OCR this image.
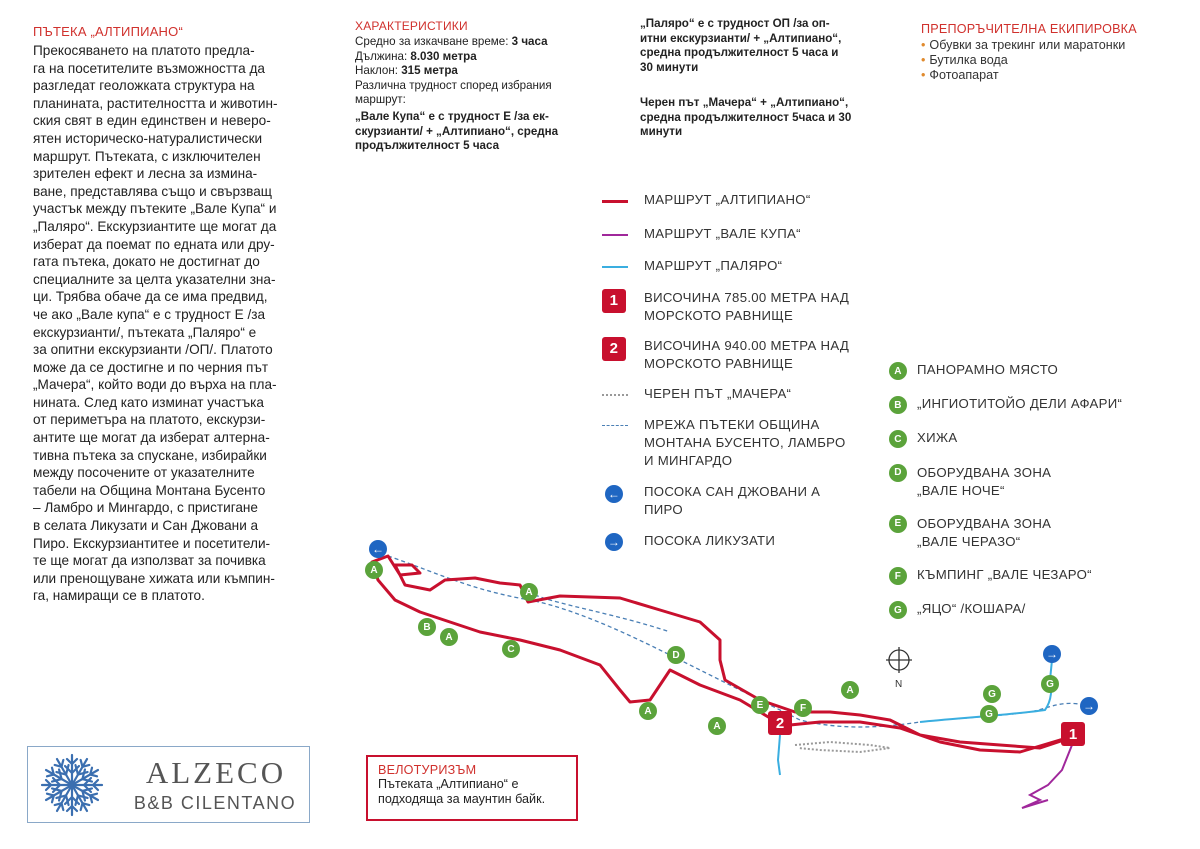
ПЪТЕКА „АЛТИПИАНО“
Прекосяването на платото предла-
га на посетителите възможността да
разгледат геоложката структура на
планината, растителността и животин-
ския свят в един единствен и неверо-
ятен историческо-натуралистически
маршрут. Пътеката, с изключителен
зрителен ефект и лесна за изминa-
ване, представлява също и свързващ
участък между пътеките „Вале Купа“ и
„Паляро“. Екскурзиантите ще могат да
изберат да поемат по едната или дру-
гата пътека, докато не достигнат до
специалните за целта указателни зна-
ци. Трябва обаче да се има предвид,
че ако „Вале купа“ е с трудност Е /за
екскурзианти/, пътеката „Паляро“ е
за опитни екскурзианти /ОП/. Платото
може да се достигне и по черния път
„Мачера“, който води до върха на пла-
нината. След като изминат участъка
от периметъра на платото, екскурзи-
антите ще могат да изберат алтерна-
тивна пътека за спускане, избирайки
между посочените от указателните
табели на Община Монтана Бусенто
– Ламбро и Мингардо, с пристигане
в селата Ликузати и Сан Джовани а
Пиро. Екскурзиантитее и посетители-
те ще могат да използват за почивка
или пренощуване хижата или къмпин-
га, намиращи се в платото.
ALZECO
B&B CILENTANO
ХАРАКТЕРИСТИКИ
Средно за изкачване време: 3 часа
Дължина: 8.030 метра
Наклон: 315 метра
Различна трудност според избрания
маршрут:
„Вале Купа“ е с трудност Е /за ек-
скурзианти/ + „Алтипиано“, средна
продължителност 5 часа
„Паляро“ е с трудност ОП /за оп-
итни екскурзианти/ + „Алтипиано“,
средна продължителност 5 часа и
30 минути
Черен път „Мачера“ + „Алтипиано“,
средна продължителност 5часа и 30
минути
ПРЕПОРЪЧИТЕЛНА ЕКИПИРОВКА
• Обувки за трекинг или маратонки
• Бутилка вода
• Фотоапарат
МАРШРУТ „АЛТИПИАНО“
МАРШРУТ „ВАЛЕ КУПА“
МАРШРУТ „ПАЛЯРО“
1	ВИСОЧИНА 785.00 МЕТРА НАД
МОРСКОТО РАВНИЩЕ
2	ВИСОЧИНА 940.00 МЕТРА НАД
МОРСКОТО РАВНИЩЕ
ЧЕРЕН ПЪТ „МАЧЕРА“
МРЕЖА ПЪТЕКИ ОБЩИНА
МОНТАНА БУСЕНТО, ЛАМБРО
И МИНГАРДО
← ПОСОКА САН ДЖОВАНИ А
ПИРО
→ ПОСОКА ЛИКУЗАТИ
A	ПАНОРАМНО МЯСТО
B	„ИНГИОТИТОЙО ДЕЛИ АФАРИ“
C	ХИЖА
D	ОБОРУДВАНА ЗОНА
„ВАЛЕ НОЧЕ“
E	ОБОРУДВАНА ЗОНА
„ВАЛЕ ЧЕРАЗО“
F	КЪМПИНГ „ВАЛЕ ЧЕЗАРО“
G	„ЯЦО“ /КОШАРА/
←
→
→
A
A
B
A
C
D
A
A
E	F
A	G
G
G
2
1
N
ВЕЛОТУРИЗЪМ
Пътеката „Алтипиано“ е
подходяща за маунтин байк.
